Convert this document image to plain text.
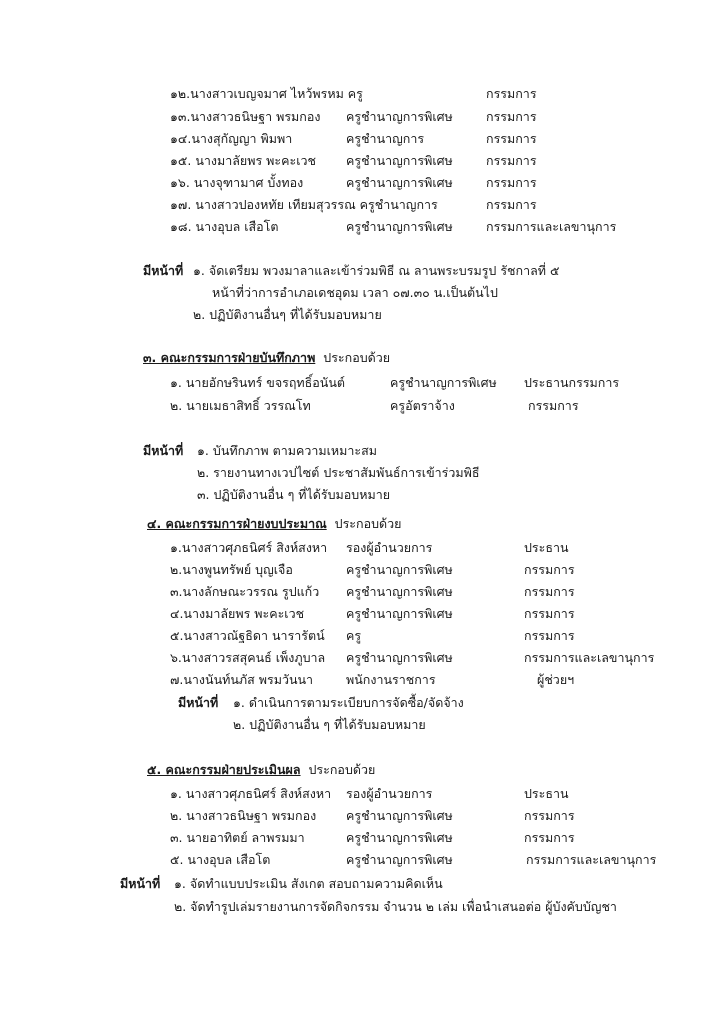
๑๒.นางสาวเบญจมาศ ไหว้พรหม ครู	กรรมการ
๑๓.นางสาวธนิษฐา พรมกอง ครูชำนาญการพิเศษ	กรรมการ
๑๔.นางสุกัญญา พิมพา	ครูชำนาญการ	กรรมการ
๑๕. นางมาลัยพร พะคะเวช ครูชำนาญการพิเศษ	กรรมการ
๑๖. นางจุฑามาศ บั้งทอง	ครูชำนาญการพิเศษ	กรรมการ
๑๗. นางสาวปองหทัย เทียมสุวรรณ ครูชำนาญการ	กรรมการ
๑๘. นางอุบล เสือโต	ครูชำนาญการพิเศษ	กรรมการและเลขานุการ
มีหน้าที่ ๑. จัดเตรียม พวงมาลาและเข้าร่วมพิธี ณ ลานพระบรมรูป รัชกาลที่ ๕
หน้าที่ว่าการอำเภอเดชอุดม เวลา ๐๗.๓๐ น.เป็นต้นไป
๒. ปฏิบัติงานอื่นๆ ที่ได้รับมอบหมาย
๓. คณะกรรมการฝ่ายบันทึกภาพ ประกอบด้วย
๑. นายอักษรินทร์ ขจรฤทธิ์อนันต์	ครูชำนาญการพิเศษ ประธานกรรมการ
๒. นายเมธาสิทธิ์ วรรณโท	ครูอัตราจ้าง	กรรมการ
มีหน้าที่ ๑. บันทึกภาพ ตามความเหมาะสม
๒. รายงานทางเวปไซต์ ประชาสัมพันธ์การเข้าร่วมพิธี
๓. ปฏิบัติงานอื่น ๆ ที่ได้รับมอบหมาย
๔. คณะกรรมการฝ่ายงบประมาณ ประกอบด้วย
๑.นางสาวศุภธนิศร์ สิงห์สงหา รองผู้อำนวยการ	ประธาน
๒.นางพูนทรัพย์ บุญเจือ	ครูชำนาญการพิเศษ	กรรมการ
๓.นางลักษณะวรรณ รูปแก้ว ครูชำนาญการพิเศษ	กรรมการ
๔.นางมาลัยพร พะคะเวช	ครูชำนาญการพิเศษ	กรรมการ
๕.นางสาวณัฐธิดา นารารัตน์ ครู	กรรมการ
๖.นางสาวรสสุคนธ์ เพ็งภูบาล ครูชำนาญการพิเศษ	กรรมการและเลขานุการ
๗.นางนันท์นภัส พรมวันนา	พนักงานราชการ	ผู้ช่วยฯ
มีหน้าที่ ๑. ดำเนินการตามระเบียบการจัดซื้อ/จัดจ้าง
๒. ปฏิบัติงานอื่น ๆ ที่ได้รับมอบหมาย
๕. คณะกรรมฝ่ายประเมินผล ประกอบด้วย
๑. นางสาวศุภธนิศร์ สิงห์สงหา รองผู้อำนวยการ	ประธาน
๒. นางสาวธนิษฐา พรมกอง ครูชำนาญการพิเศษ	กรรมการ
๓. นายอาทิตย์ ลาพรมมา	ครูชำนาญการพิเศษ	กรรมการ
๕. นางอุบล เสือโต	ครูชำนาญการพิเศษ	กรรมการและเลขานุการ
มีหน้าที่ ๑. จัดทำแบบประเมิน สังเกต สอบถามความคิดเห็น
๒. จัดทำรูปเล่มรายงานการจัดกิจกรรม จำนวน ๒ เล่ม เพื่อนำเสนอต่อ ผู้บังคับบัญชา
